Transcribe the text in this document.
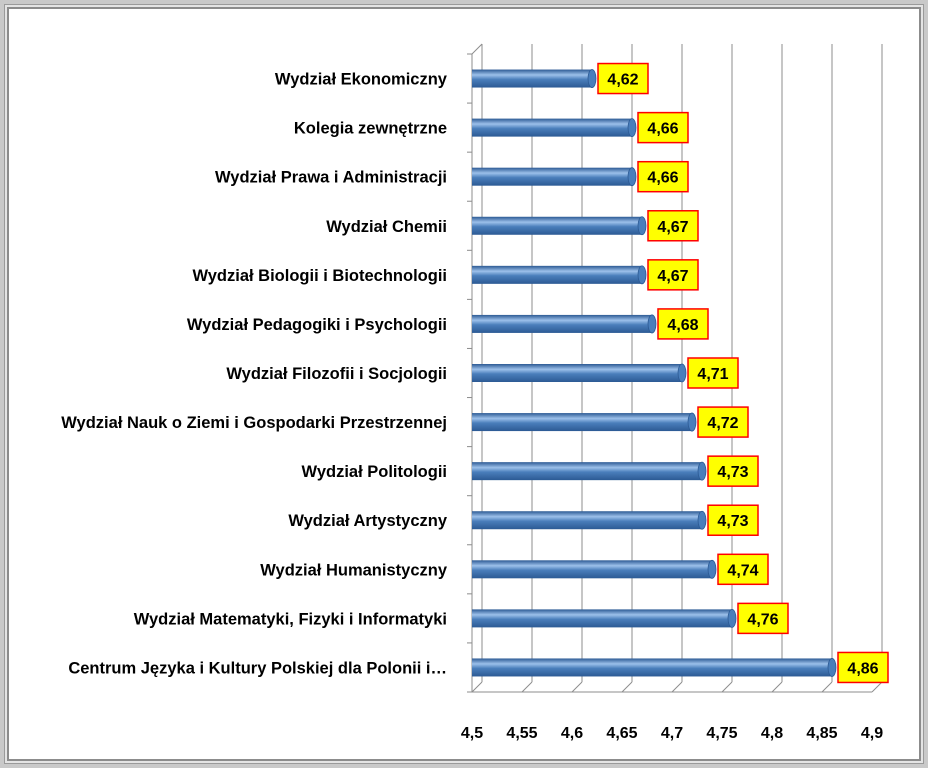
Wydział Ekonomiczny
Kolegia zewnętrzne
Wydział Prawa i Administracji
Wydział Chemii
Wydział Biologii i Biotechnologii
Wydział Pedagogiki i Psychologii
Wydział Filozofii i Socjologii
Wydział Nauk o Ziemi i Gospodarki Przestrzennej
Wydział Politologii
Wydział Artystyczny
Wydział Humanistyczny
Wydział Matematyki, Fizyki i Informatyki
Centrum Języka i Kultury Polskiej dla Polonii i…
4,5 4,55 4,6 4,65 4,7 4,75 4,8 4,85 4,9
4,62
4,66
4,66
4,67
4,67
4,68
4,71
4,72
4,73
4,73
4,74
4,76
4,86
